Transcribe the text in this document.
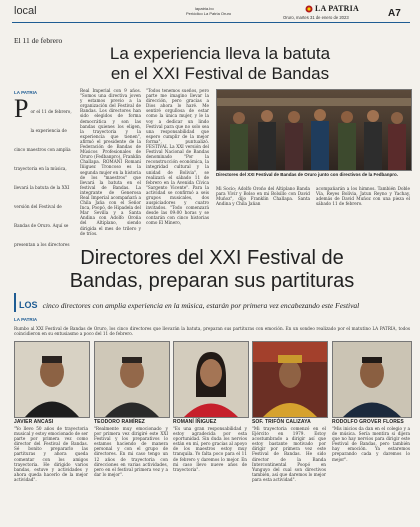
local	lapatria.bo
Periódico La Patria Oruro
LA PATRIA
Oruro, martes 31 de enero de 2023	A7
El 11 de febrero
La experiencia lleva la batuta
en el XXI Festival de Bandas
LA PATRIA
P or el 11 de febrero, la experiencia de cinco maestros con amplia trayectoria en la música, llevará la batuta de la XXI versión del Festival de Bandas de Oruro. Aquí se presentan a los directores
Real Imperial con 9 años. "Somos una directiva joven y estamos previo a la organización del Festival de Bandas. Los directores han sido elegidos de forma democrática y son las bandas quienes los eligen, la trayectoria y la experiencia que tienen", afirmó el presidente de la Federación de Bandas de Músicos Profesionales de Oruro (Fedbanpro), Franklin Challapa. ROMANÍ Romaní Íñiguez Troncoso es la segunda mujer en la historia de los "maestros" que llevará la batuta en el festival de Bandas. La integrante de Generosa Real Imperial acompañará a Chila Jaña con el Señor Inca, Poopó, de Hipadela del Mar Sevilla y a Santa Andina con Adolfo Oroña del Altiplano, siendo dirigida el mes de trilero y de tríos.
"Todos tenemos sueños, pero parte me imagino llevar la dirección, pero gracias a Dios ahora lo haré. Me sentiré orgullosa de estar como la única mujer, y le la voy a dedicar un lindo Festival para que no solo sea una responsabilidad que espero cumplir de la mejor forma", puntualizó. FESTIVAL La XXI versión del Festival Nacional de Bandas denominado "Por la reconstrucción económica, la integridad cultural y la unidad de Bolivia", se realizará el sábado 11 de febrero en la Avenida Cívica "Sargento Vicente". Para la actividad se confirmó a seis grupos musicales, dos auspiciadores y cuatro invitados. "Todo comenzará desde las 09:00 horas y se contarán con cinco historias como El Minero,
Directores del XXI Festival de Bandas de Oruro junto con directivos de la Fedbanpro.
Mi Socio; Adolfo Oroño del Altiplano Banda para Vivir y Bolso en mi Bolsillo con David Muñoz", dijo Franklin Challapa. Santa Andina y Chila Jañan
acompañarán a los himnos. También Doble Vía, Reyes Bolívia, Jatun Reyno y Yachay, además de David Muñoz con una pieza el sábado 11 de febrero.
Directores del XXI Festival de
Bandas, preparan sus partituras
LOS cinco directores con amplia experiencia en la música, estarán por primera vez encabezando este Festival
LA PATRIA
Rumbo al XXI Festival de Bandas de Oruro, los cinco directores que llevarán la batuta, preparan sus partituras con emoción. En un sondeo realizado por el matutino LA PATRIA, todos coincidieron en su entusiasmo a poco del 11 de febrero.
JAVIER ANCASI
"Yo llevo 50 años de trayectoria musical y estoy emocionado de ser parte por primera vez como director del Festival de Bandas. Sé bonito prepararlo las partituras y ahora queda comentar con los amigos trayectoria. He dirigido varios bandas, estuve y actividades y ahora queda hacerlo de la mejor actividad".
TEODORO RAMÍREZ
"Realmente muy emocionado y por primera vez dirigiré este XXI Festival y los preparativos lo estamos haciendo de manera personal y con el grupo de directores. En mi caso tengo un 12 años de trayectoria con direcciones en varias actividades, pero en el festival primera vez y a dar lo mejor".
ROMANÍ ÍÑIGUEZ
"Es una gran responsabilidad y estoy agradecida por esta oportunidad. Sin duda los nervios están en mí, pero gracias al apoyo de los maestros estoy muy tranquila. Yo falta poco para el 11 de febrero y daremos lo mejor. En mi caso llevo nueve años de trayectoria".
SOF. TRIFÓN CALIZAYA
"Mi trayectoria comenzó en el Ejército en 1979. Estoy acostumbrado a dirigir así que estoy bastante motivado por dirigir por primera vez este Festival de Bandas. He sido director de la Banda Intercontinental Poopó en Yunguyo del cual son directivos también, así que daremos lo mejor para esta actividad".
RODOLFO GROVER FLORES
"Mis inicios da dan en el colegio y a de música. Sería mentira si dijera que no hay nervios para dirigir este Festival de Bandas, pero también hay emoción. Ya estaremos preparando cada y daremos lo mejor".
